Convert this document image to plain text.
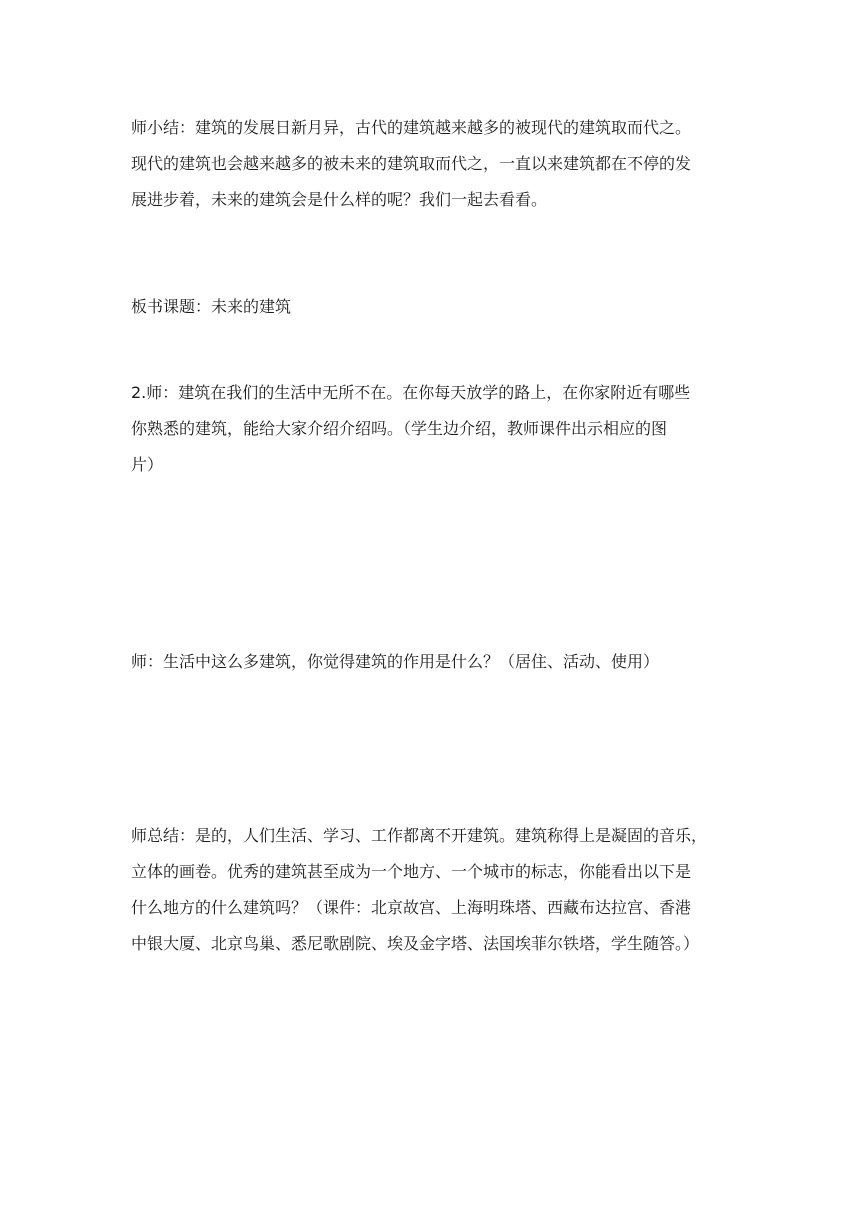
师小结：建筑的发展日新月异，古代的建筑越来越多的被现代的建筑取而代之。
现代的建筑也会越来越多的被未来的建筑取而代之，一直以来建筑都在不停的发
展进步着，未来的建筑会是什么样的呢？我们一起去看看。

板书课题：未来的建筑

2.师：建筑在我们的生活中无所不在。在你每天放学的路上，在你家附近有哪些
你熟悉的建筑，能给大家介绍介绍吗。（学生边介绍，教师课件出示相应的图
片）

师：生活中这么多建筑，你觉得建筑的作用是什么？（居住、活动、使用）

师总结：是的，人们生活、学习、工作都离不开建筑。建筑称得上是凝固的音乐，
立体的画卷。优秀的建筑甚至成为一个地方、一个城市的标志，你能看出以下是
什么地方的什么建筑吗？（课件：北京故宫、上海明珠塔、西藏布达拉宫、香港
中银大厦、北京鸟巢、悉尼歌剧院、埃及金字塔、法国埃菲尔铁塔，学生随答。）
